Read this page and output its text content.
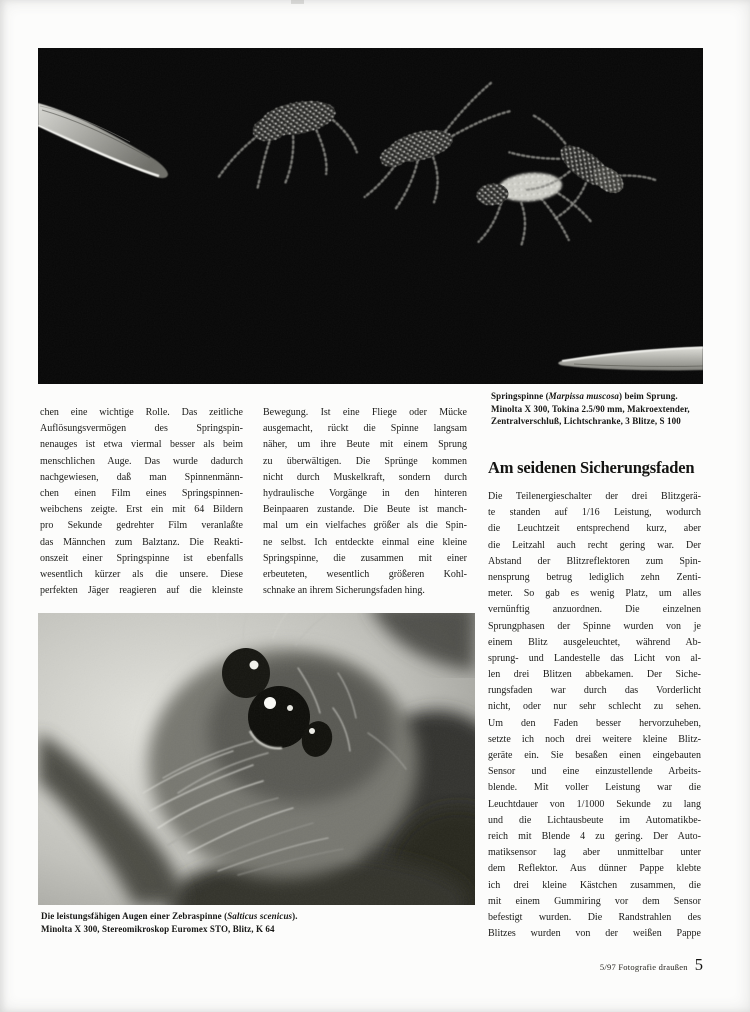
Springspinne (Marpissa muscosa) beim Sprung.
Minolta X 300, Tokina 2.5/90 mm, Makroextender,
Zentralverschluß, Lichtschranke, 3 Blitze, S 100
chen eine wichtige Rolle. Das zeitliche
Auflösungsvermögen des Springspin-
nenauges ist etwa viermal besser als beim
menschlichen Auge. Das wurde dadurch
nachgewiesen, daß man Spinnenmänn-
chen einen Film eines Springspinnen-
weibchens zeigte. Erst ein mit 64 Bildern
pro Sekunde gedrehter Film veranlaßte
das Männchen zum Balztanz. Die Reakti-
onszeit einer Springspinne ist ebenfalls
wesentlich kürzer als die unsere. Diese
perfekten Jäger reagieren auf die kleinste
Bewegung. Ist eine Fliege oder Mücke
ausgemacht, rückt die Spinne langsam
näher, um ihre Beute mit einem Sprung
zu überwältigen. Die Sprünge kommen
nicht durch Muskelkraft, sondern durch
hydraulische Vorgänge in den hinteren
Beinpaaren zustande. Die Beute ist manch-
mal um ein vielfaches größer als die Spin-
ne selbst. Ich entdeckte einmal eine kleine
Springspinne, die zusammen mit einer
erbeuteten, wesentlich größeren Kohl-
schnake an ihrem Sicherungsfaden hing.
Am seidenen Sicherungsfaden
Die Teilenergieschalter der drei Blitzgerä-
te standen auf 1/16 Leistung, wodurch
die Leuchtzeit entsprechend kurz, aber
die Leitzahl auch recht gering war. Der
Abstand der Blitzreflektoren zum Spin-
nensprung betrug lediglich zehn Zenti-
meter. So gab es wenig Platz, um alles
vernünftig anzuordnen. Die einzelnen
Sprungphasen der Spinne wurden von je
einem Blitz ausgeleuchtet, während Ab-
sprung- und Landestelle das Licht von al-
len drei Blitzen abbekamen. Der Siche-
rungsfaden war durch das Vorderlicht
nicht, oder nur sehr schlecht zu sehen.
Um den Faden besser hervorzuheben,
setzte ich noch drei weitere kleine Blitz-
geräte ein. Sie besaßen einen eingebauten
Sensor und eine einzustellende Arbeits-
blende. Mit voller Leistung war die
Leuchtdauer von 1/1000 Sekunde zu lang
und die Lichtausbeute im Automatikbe-
reich mit Blende 4 zu gering. Der Auto-
matiksensor lag aber unmittelbar unter
dem Reflektor. Aus dünner Pappe klebte
ich drei kleine Kästchen zusammen, die
mit einem Gummiring vor dem Sensor
befestigt wurden. Die Randstrahlen des
Blitzes wurden von der weißen Pappe
Die leistungsfähigen Augen einer Zebraspinne (Salticus scenicus).
Minolta X 300, Stereomikroskop Euromex STO, Blitz, K 64
5/97 Fotografie draußen 5
